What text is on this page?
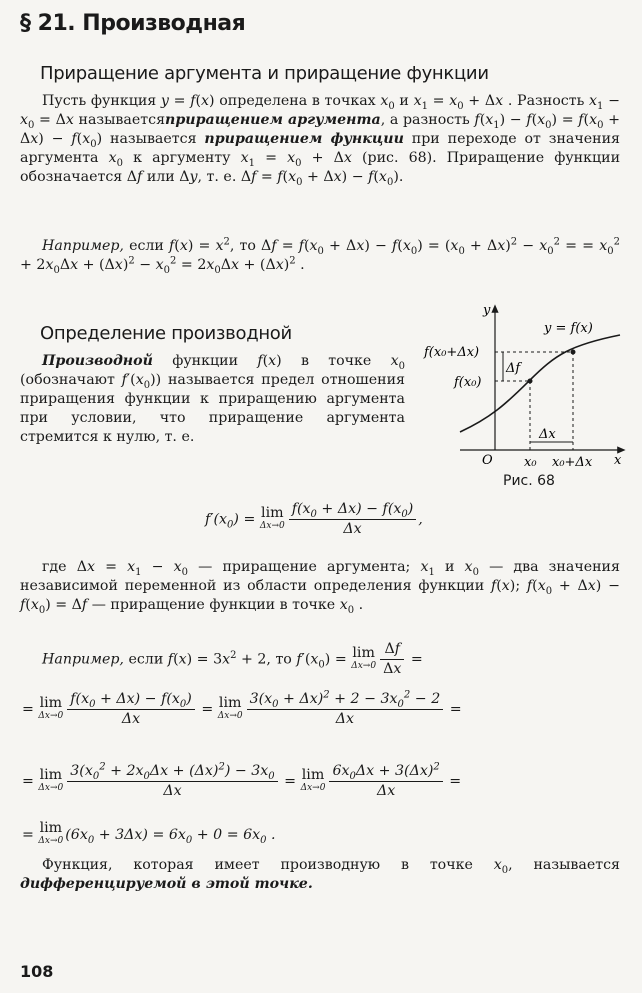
§ 21. Производная
Приращение аргумента и приращение функции
Пусть функция y = f(x) определена в точках $x_0$ и $x_1 = x_0 + \Delta x$ . Разность $x_1 - x_0 = \Delta x$ называетсяприращением аргумента, а разность $f(x_1) - f(x_0) = f(x_0 + \Delta x) - f(x_0)$ называется приращением функции при переходе от значения аргумента $x_0$ к аргументу $x_1 = x_0 + \Delta x$ (рис. 68). Приращение функции обозначается Δf или Δy, т. е. $\Delta f = f(x_0 + \Delta x) - f(x_0)$.
Например, если $f(x) = x^2$, то $\Delta f = f(x_0 + \Delta x) - f(x_0) = (x_0 + \Delta x)^2 - x_0^2$ = = $x_0^2 + 2x_0\Delta x + (\Delta x)^2 - x_0^2 = 2x_0\Delta x + (\Delta x)^2$ .
Определение производной
Производной функции f(x) в точке $x_0$ (обозначают $f'(x_0)$) называется предел отношения приращения функции к приращению аргумента при условии, что приращение аргумента стремится к нулю, т. е.
y
y = f(x)
f(x₀+Δx)
f(x₀)
Δf
Δx
O x₀ x₀+Δx x
Рис. 68
$f'(x_0) = \lim$
$\Delta x\to 0 \frac{f(x_0 + \Delta x) - f(x_0)}{\Delta x}$ ,
где $\Delta x = x_1 - x_0$ — приращение аргумента; $x_1$ и $x_0$ — два значения независимой переменной из области определения функции f(x); $f(x_0 + \Delta x) - f(x_0) = \Delta f$ — приращение функции в точке $x_0$ .
Например, если $f(x) = 3x^2 + 2$, то $f'(x_0) = \lim$
$\Delta x\to 0 \frac{\Delta f}{\Delta x}$ =
= lim
$\Delta x\to 0 \frac{f(x_0 + \Delta x) - f(x_0)}{\Delta x} = \lim$
$\Delta x\to 0 \frac{3(x_0 + \Delta x)^2 + 2 - 3x_0^2 - 2}{\Delta x}$ =
= lim
$\Delta x\to 0 \frac{3(x_0^2 + 2x_0\Delta x + (\Delta x)^2) - 3x_0}{\Delta x} = \lim$
$\Delta x\to 0 \frac{6x_0\Delta x + 3(\Delta x)^2}{\Delta x}$ =
= lim
Δx→0 $(6x_0 + 3\Delta x) = 6x_0 + 0 = 6x_0$ .
Функция, которая имеет производную в точке $x_0$, называется дифференцируемой в этой точке.
108
